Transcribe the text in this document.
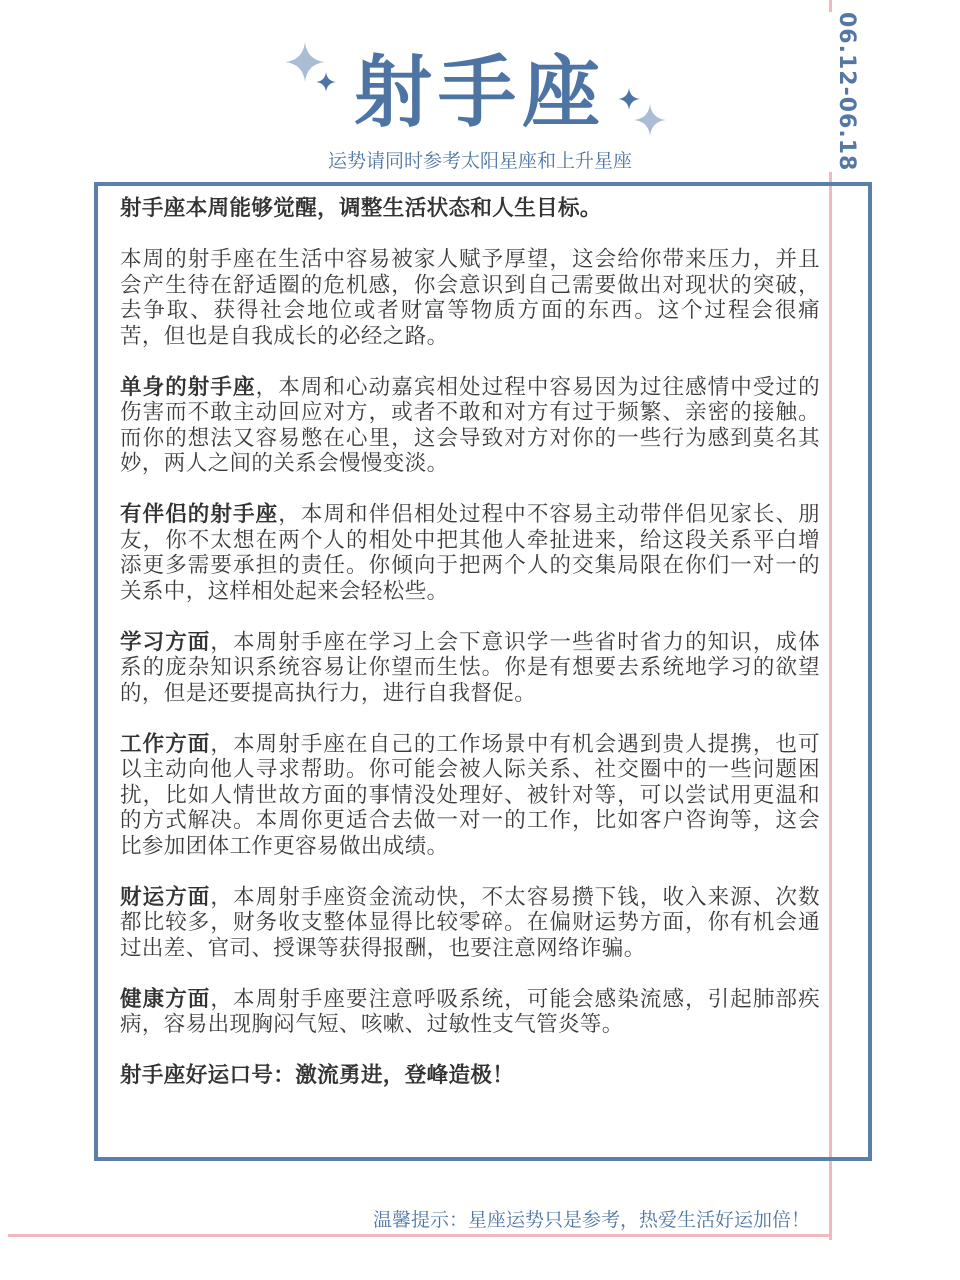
06.12-06.18
射手座
运势请同时参考太阳星座和上升星座

射手座本周能够觉醒，调整生活状态和人生目标。

本周的射手座在生活中容易被家人赋予厚望，这会给你带来压力，并且会产生待在舒适圈的危机感，你会意识到自己需要做出对现状的突破，去争取、获得社会地位或者财富等物质方面的东西。这个过程会很痛苦，但也是自我成长的必经之路。

单身的射手座，本周和心动嘉宾相处过程中容易因为过往感情中受过的伤害而不敢主动回应对方，或者不敢和对方有过于频繁、亲密的接触。而你的想法又容易憋在心里，这会导致对方对你的一些行为感到莫名其妙，两人之间的关系会慢慢变淡。

有伴侣的射手座，本周和伴侣相处过程中不容易主动带伴侣见家长、朋友，你不太想在两个人的相处中把其他人牵扯进来，给这段关系平白增添更多需要承担的责任。你倾向于把两个人的交集局限在你们一对一的关系中，这样相处起来会轻松些。

学习方面，本周射手座在学习上会下意识学一些省时省力的知识，成体系的庞杂知识系统容易让你望而生怯。你是有想要去系统地学习的欲望的，但是还要提高执行力，进行自我督促。

工作方面，本周射手座在自己的工作场景中有机会遇到贵人提携，也可以主动向他人寻求帮助。你可能会被人际关系、社交圈中的一些问题困扰，比如人情世故方面的事情没处理好、被针对等，可以尝试用更温和的方式解决。本周你更适合去做一对一的工作，比如客户咨询等，这会比参加团体工作更容易做出成绩。

财运方面，本周射手座资金流动快，不太容易攒下钱，收入来源、次数都比较多，财务收支整体显得比较零碎。在偏财运势方面，你有机会通过出差、官司、授课等获得报酬，也要注意网络诈骗。

健康方面，本周射手座要注意呼吸系统，可能会感染流感，引起肺部疾病，容易出现胸闷气短、咳嗽、过敏性支气管炎等。

射手座好运口号：激流勇进，登峰造极！

温馨提示：星座运势只是参考，热爱生活好运加倍！
